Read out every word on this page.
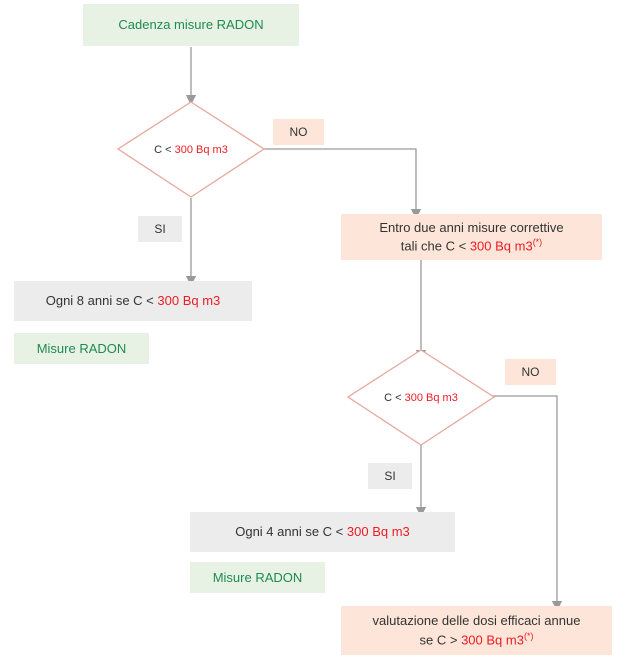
Cadenza misure RADON
C < 300 Bq m3
NO
SI
Ogni 8 anni se C < 300 Bq m3
Misure RADON
Entro due anni misure correttive
tali che C < 300 Bq m3(*)
C < 300 Bq m3
NO
SI
Ogni 4 anni se C < 300 Bq m3
Misure RADON
valutazione delle dosi efficaci annue
se C > 300 Bq m3(*)
